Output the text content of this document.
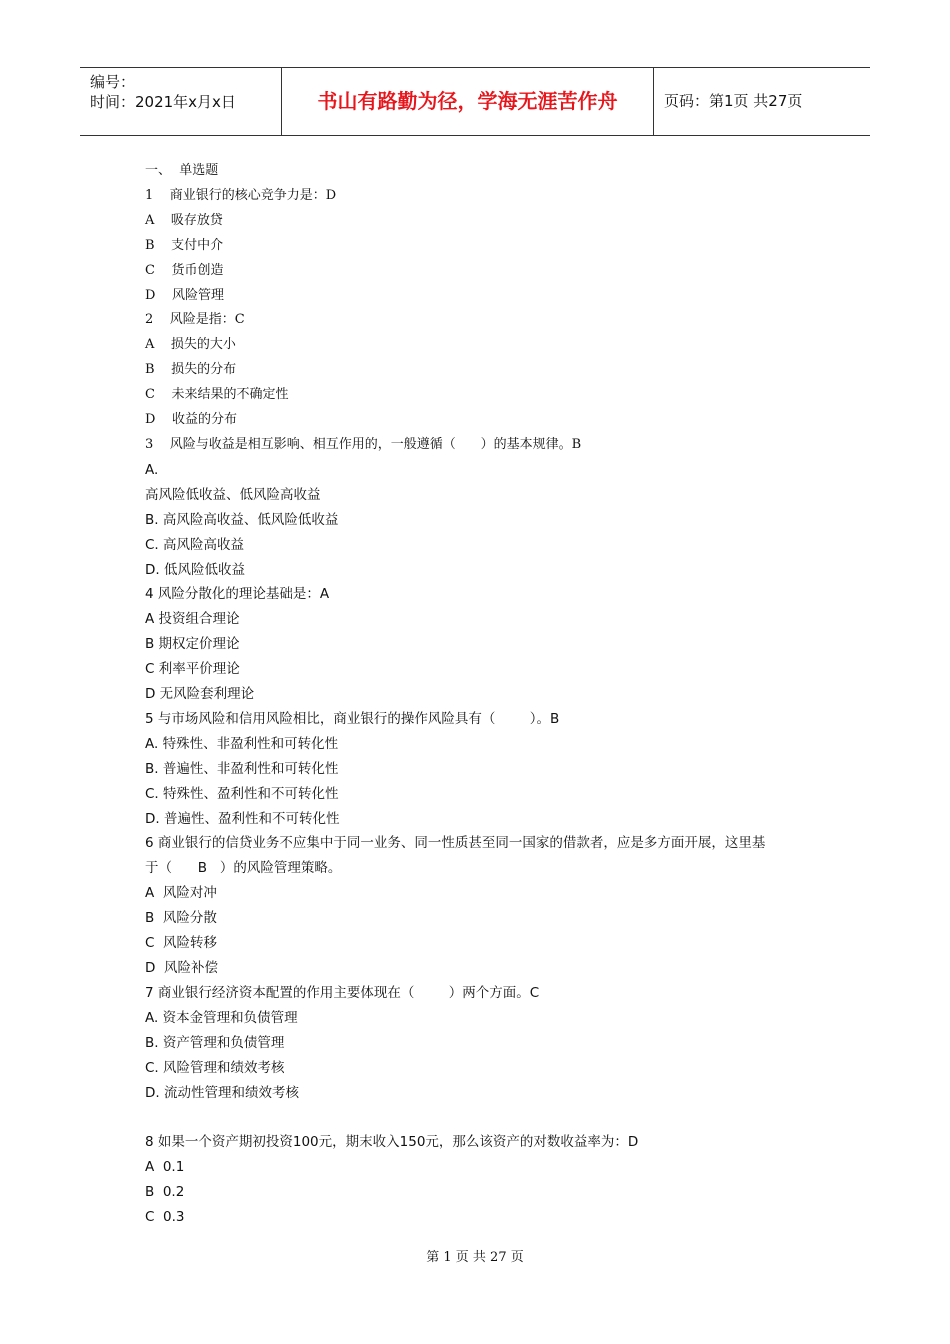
编号：
时间：2021年x月x日	书山有路勤为径，学海无涯苦作舟	页码：第1页 共27页
一、  单选题
1    商业银行的核心竞争力是：D
A    吸存放贷
B    支付中介
C    货币创造
D    风险管理
2    风险是指：C
A    损失的大小
B    损失的分布
C    未来结果的不确定性
D    收益的分布
3    风险与收益是相互影响、相互作用的，一般遵循（      ）的基本规律。B
A.
高风险低收益、低风险高收益
B. 高风险高收益、低风险低收益
C. 高风险高收益
D. 低风险低收益
4 风险分散化的理论基础是：A
A 投资组合理论
B 期权定价理论
C 利率平价理论
D 无风险套利理论
5 与市场风险和信用风险相比，商业银行的操作风险具有（        ）。B
A. 特殊性、非盈利性和可转化性
B. 普遍性、非盈利性和可转化性
C. 特殊性、盈利性和不可转化性
D. 普遍性、盈利性和不可转化性
6 商业银行的信贷业务不应集中于同一业务、同一性质甚至同一国家的借款者，应是多方面开展，这里基
于（      B   ）的风险管理策略。
A  风险对冲
B  风险分散
C  风险转移
D  风险补偿
7 商业银行经济资本配置的作用主要体现在（        ）两个方面。C
A. 资本金管理和负债管理
B. 资产管理和负债管理
C. 风险管理和绩效考核
D. 流动性管理和绩效考核
8 如果一个资产期初投资100元，期末收入150元，那么该资产的对数收益率为：D
A  0.1
B  0.2
C  0.3
第 1 页 共 27 页
